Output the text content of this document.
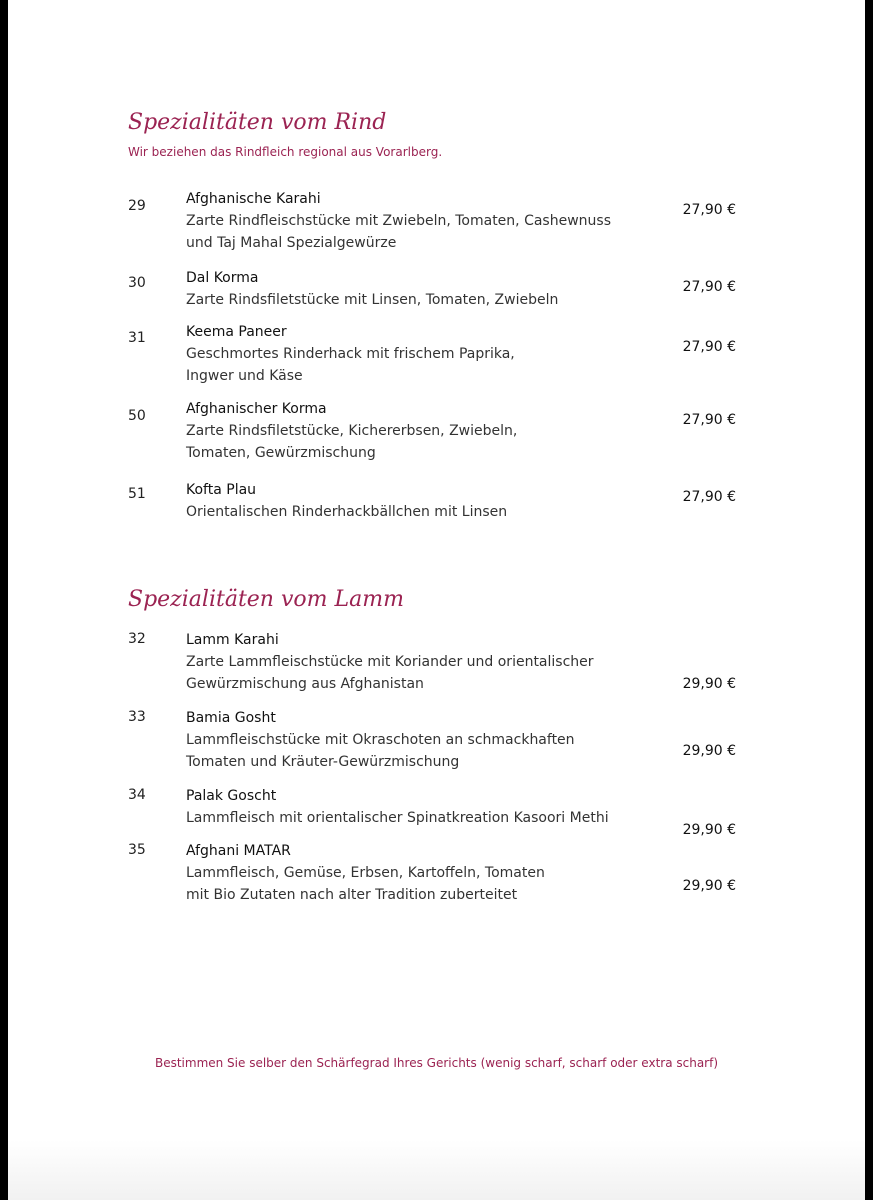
Spezialitäten vom Rind

Wir beziehen das Rindfleich regional aus Vorarlberg.

29	Afghanische Karahi
Zarte Rindfleischstücke mit Zwiebeln, Tomaten, Cashewnuss
und Taj Mahal Spezialgewürze
27,90 €
30	Dal Korma
Zarte Rindsfiletstücke mit Linsen, Tomaten, Zwiebeln
27,90 €
31	Keema Paneer
Geschmortes Rinderhack mit frischem Paprika,
Ingwer und Käse
27,90 €
50	Afghanischer Korma
Zarte Rindsfiletstücke, Kichererbsen, Zwiebeln,
Tomaten, Gewürzmischung
27,90 €
51	Kofta Plau
Orientalischen Rinderhackbällchen mit Linsen
27,90 €
Spezialitäten vom Lamm
32	Lamm Karahi
Zarte Lammfleischstücke mit Koriander und orientalischer
Gewürzmischung aus Afghanistan	29,90 €
33	Bamia Gosht
Lammfleischstücke mit Okraschoten an schmackhaften
Tomaten und Kräuter-Gewürzmischung
29,90 €
34	Palak Goscht
Lammfleisch mit orientalischer Spinatkreation Kasoori Methi
29,90 €
35	Afghani MATAR
Lammfleisch, Gemüse, Erbsen, Kartoffeln, Tomaten
mit Bio Zutaten nach alter Tradition zuberteitet
29,90 €

Bestimmen Sie selber den Schärfegrad Ihres Gerichts (wenig scharf, scharf oder extra scharf)
